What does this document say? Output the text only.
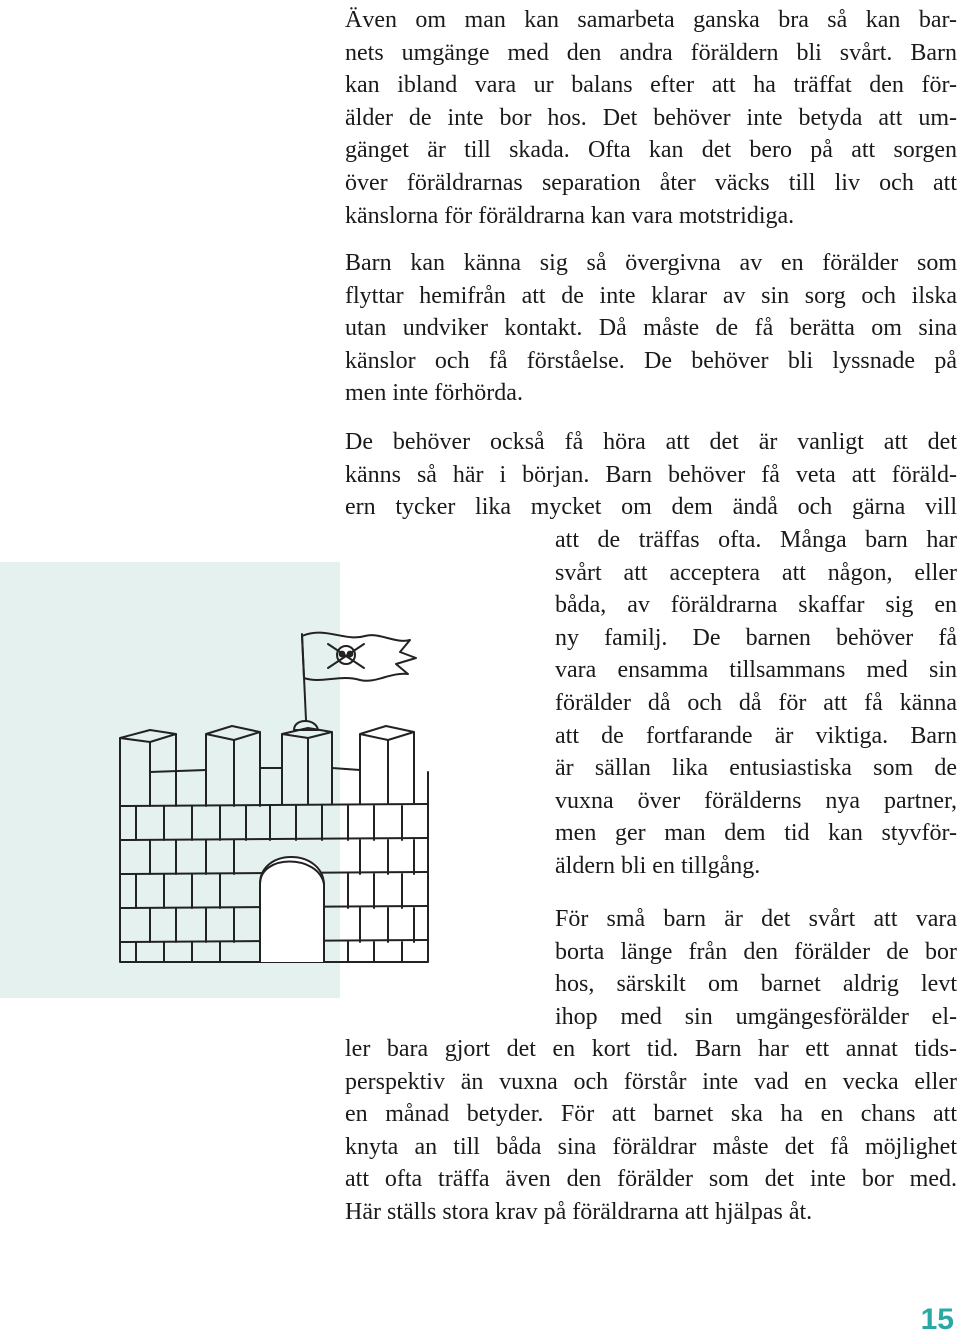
Även om man kan samarbeta ganska bra så kan bar-
nets umgänge med den andra föräldern bli svårt. Barn
kan ibland vara ur balans efter att ha träffat den för-
älder de inte bor hos. Det behöver inte betyda att um-
gänget är till skada. Ofta kan det bero på att sorgen
över föräldrarnas separation åter väcks till liv och att
känslorna för föräldrarna kan vara motstridiga.
Barn kan känna sig så övergivna av en förälder som
flyttar hemifrån att de inte klarar av sin sorg och ilska
utan undviker kontakt. Då måste de få berätta om sina
känslor och få förståelse. De behöver bli lyssnade på
men inte förhörda.
De behöver också få höra att det är vanligt att det
känns så här i början. Barn behöver få veta att föräld-
ern tycker lika mycket om dem ändå och gärna vill
att de träffas ofta. Många barn har
svårt att acceptera att någon, eller
båda, av föräldrarna skaffar sig en
ny familj. De barnen behöver få
vara ensamma tillsammans med sin
förälder då och då för att få känna
att de fortfarande är viktiga. Barn
är sällan lika entusiastiska som de
vuxna över förälderns nya partner,
men ger man dem tid kan styvför-
äldern bli en tillgång.
För små barn är det svårt att vara
borta länge från den förälder de bor
hos, särskilt om barnet aldrig levt
ihop med sin umgängesförälder el-
ler bara gjort det en kort tid. Barn har ett annat tids-
perspektiv än vuxna och förstår inte vad en vecka eller
en månad betyder. För att barnet ska ha en chans att
knyta an till båda sina föräldrar måste det få möjlighet
att ofta träffa även den förälder som det inte bor med.
Här ställs stora krav på föräldrarna att hjälpas åt.
15
